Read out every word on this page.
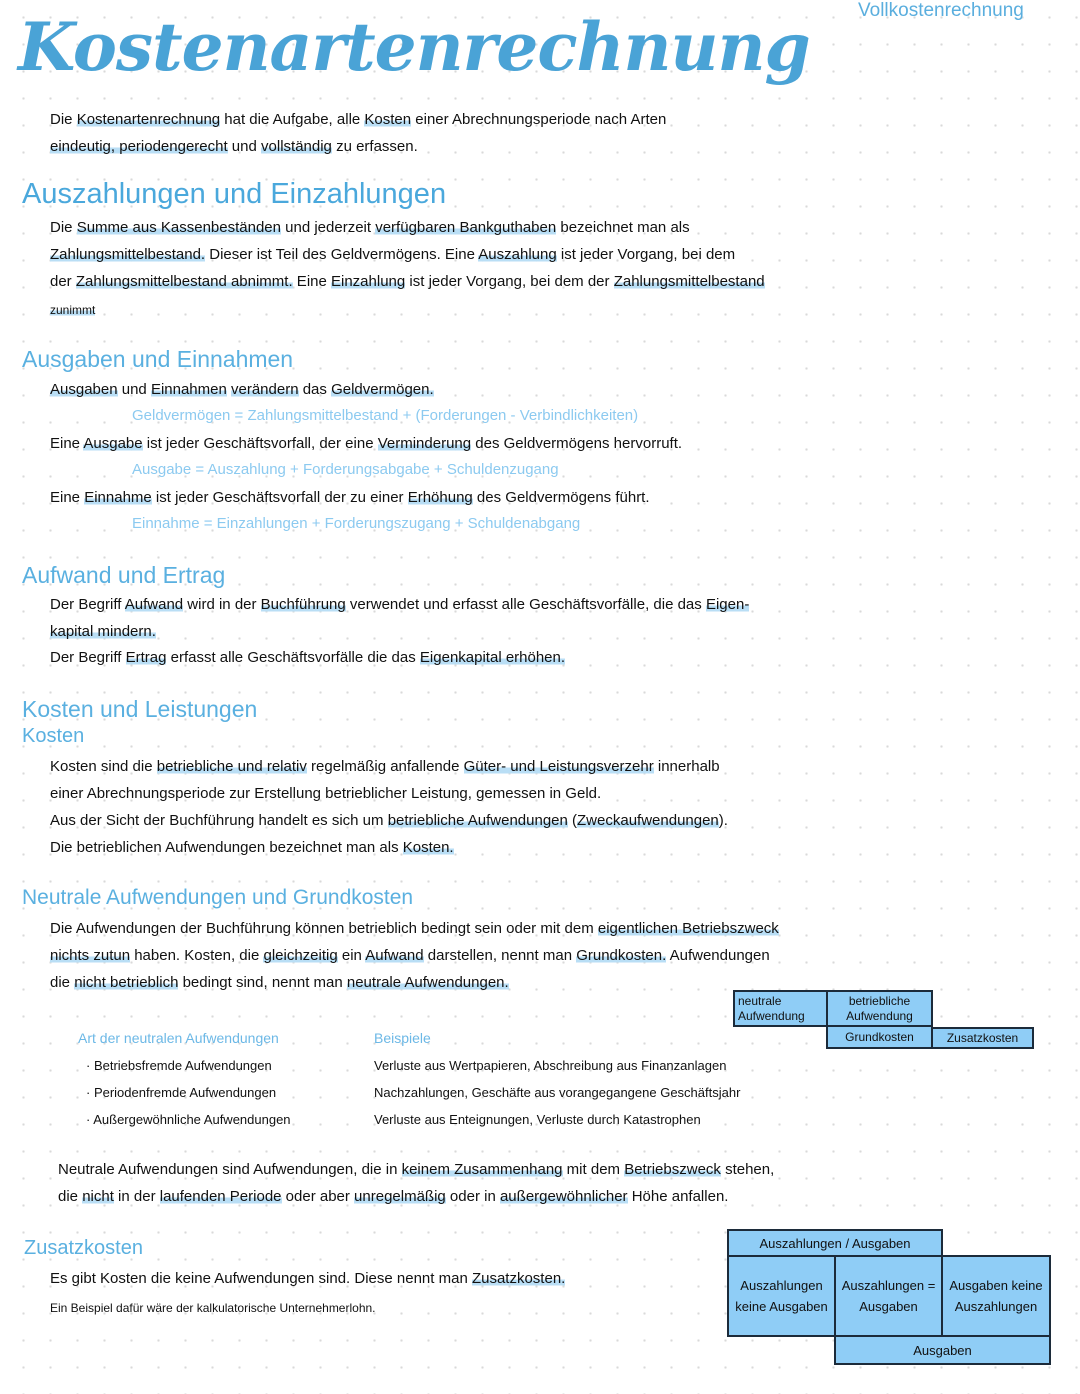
Kostenartenrechnung	Vollkostenrechnung
Die Kostenartenrechnung hat die Aufgabe, alle Kosten einer Abrechnungsperiode nach Arten
eindeutig, periodengerecht und vollständig zu erfassen.
Auszahlungen und Einzahlungen
Die Summe aus Kassenbeständen und jederzeit verfügbaren Bankguthaben bezeichnet man als
Zahlungsmittelbestand. Dieser ist Teil des Geldvermögens. Eine Auszahlung ist jeder Vorgang, bei dem
der Zahlungsmittelbestand abnimmt. Eine Einzahlung ist jeder Vorgang, bei dem der Zahlungsmittelbestand
zunimmt
Ausgaben und Einnahmen
Ausgaben und Einnahmen verändern das Geldvermögen.
Geldvermögen = Zahlungsmittelbestand + (Forderungen - Verbindlichkeiten)
Eine Ausgabe ist jeder Geschäftsvorfall, der eine Verminderung des Geldvermögens hervorruft.
Ausgabe = Auszahlung + Forderungsabgabe + Schuldenzugang
Eine Einnahme ist jeder Geschäftsvorfall der zu einer Erhöhung des Geldvermögens führt.
Einnahme = Einzahlungen + Forderungszugang + Schuldenabgang
Aufwand und Ertrag
Der Begriff Aufwand wird in der Buchführung verwendet und erfasst alle Geschäftsvorfälle, die das Eigen-
kapital mindern.
Der Begriff Ertrag erfasst alle Geschäftsvorfälle die das Eigenkapital erhöhen.
Kosten und Leistungen
Kosten
Kosten sind die betriebliche und relativ regelmäßig anfallende Güter- und Leistungsverzehr innerhalb
einer Abrechnungsperiode zur Erstellung betrieblicher Leistung, gemessen in Geld.
Aus der Sicht der Buchführung handelt es sich um betriebliche Aufwendungen (Zweckaufwendungen).
Die betrieblichen Aufwendungen bezeichnet man als Kosten.
Neutrale Aufwendungen und Grundkosten
Die Aufwendungen der Buchführung können betrieblich bedingt sein oder mit dem eigentlichen Betriebszweck
nichts zutun haben. Kosten, die gleichzeitig ein Aufwand darstellen, nennt man Grundkosten. Aufwendungen
die nicht betrieblich bedingt sind, nennt man neutrale Aufwendungen.
neutrale Aufwendung
betriebliche Aufwendung
Grundkosten	Zusatzkosten
Art der neutralen Aufwendungen	Beispiele
· Betriebsfremde Aufwendungen	Verluste aus Wertpapieren, Abschreibung aus Finanzanlagen
· Periodenfremde Aufwendungen	Nachzahlungen, Geschäfte aus vorangegangene Geschäftsjahr
· Außergewöhnliche Aufwendungen	Verluste aus Enteignungen, Verluste durch Katastrophen
Neutrale Aufwendungen sind Aufwendungen, die in keinem Zusammenhang mit dem Betriebszweck stehen,
die nicht in der laufenden Periode oder aber unregelmäßig oder in außergewöhnlicher Höhe anfallen.
Zusatzkosten
Es gibt Kosten die keine Aufwendungen sind. Diese nennt man Zusatzkosten.
Ein Beispiel dafür wäre der kalkulatorische Unternehmerlohn.
Auszahlungen / Ausgaben
Auszahlungen keine Ausgaben
Auszahlungen = Ausgaben
Ausgaben keine Auszahlungen
Ausgaben
